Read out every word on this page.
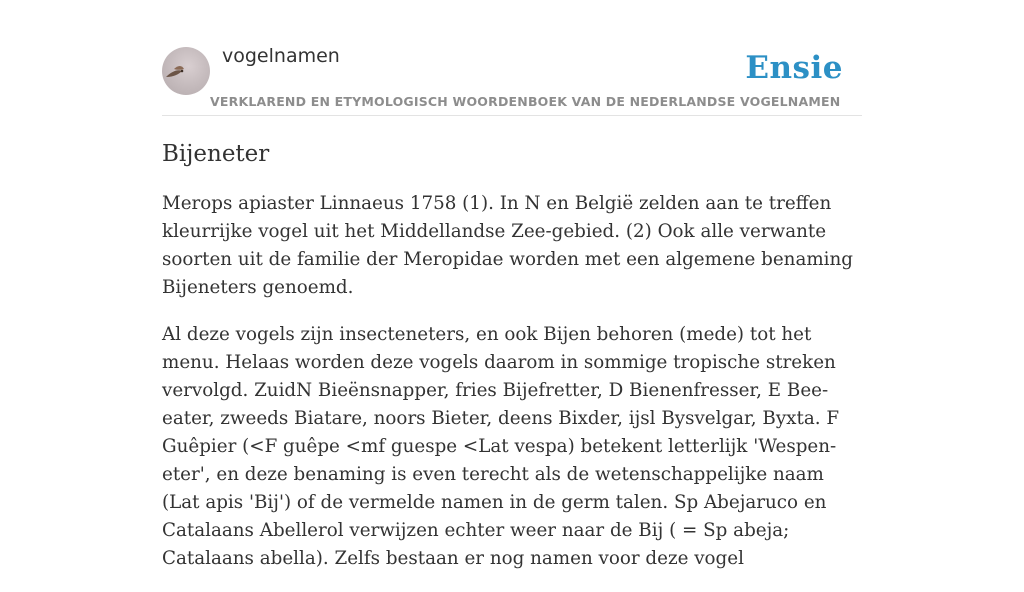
vogelnamen	Ensie
VERKLAREND EN ETYMOLOGISCH WOORDENBOEK VAN DE NEDERLANDSE VOGELNAMEN
Bijeneter

Merops apiaster Linnaeus 1758 (1). In N en België zelden aan te treffen kleurrijke vogel uit het Middellandse Zee-gebied. (2) Ook alle verwante soorten uit de familie der Meropidae worden met een algemene benaming Bijeneters genoemd.

Al deze vogels zijn insecteneters, en ook Bijen behoren (mede) tot het menu. Helaas worden deze vogels daarom in sommige tropische streken vervolgd. ZuidN Bieënsnapper, fries Bijefretter, D Bienenfresser, E Bee-eater, zweeds Biatare, noors Bieter, deens Bixder, ijsl Bysvelgar, Byxta. F Guêpier (<F guêpe <mf guespe <Lat vespa) betekent letterlijk 'Wespen-eter', en deze benaming is even terecht als de wetenschappelijke naam (Lat apis 'Bij') of de vermelde namen in de germ talen. Sp Abejaruco en Catalaans Abellerol verwijzen echter weer naar de Bij ( = Sp abeja; Catalaans abella). Zelfs bestaan er nog namen voor deze vogel
